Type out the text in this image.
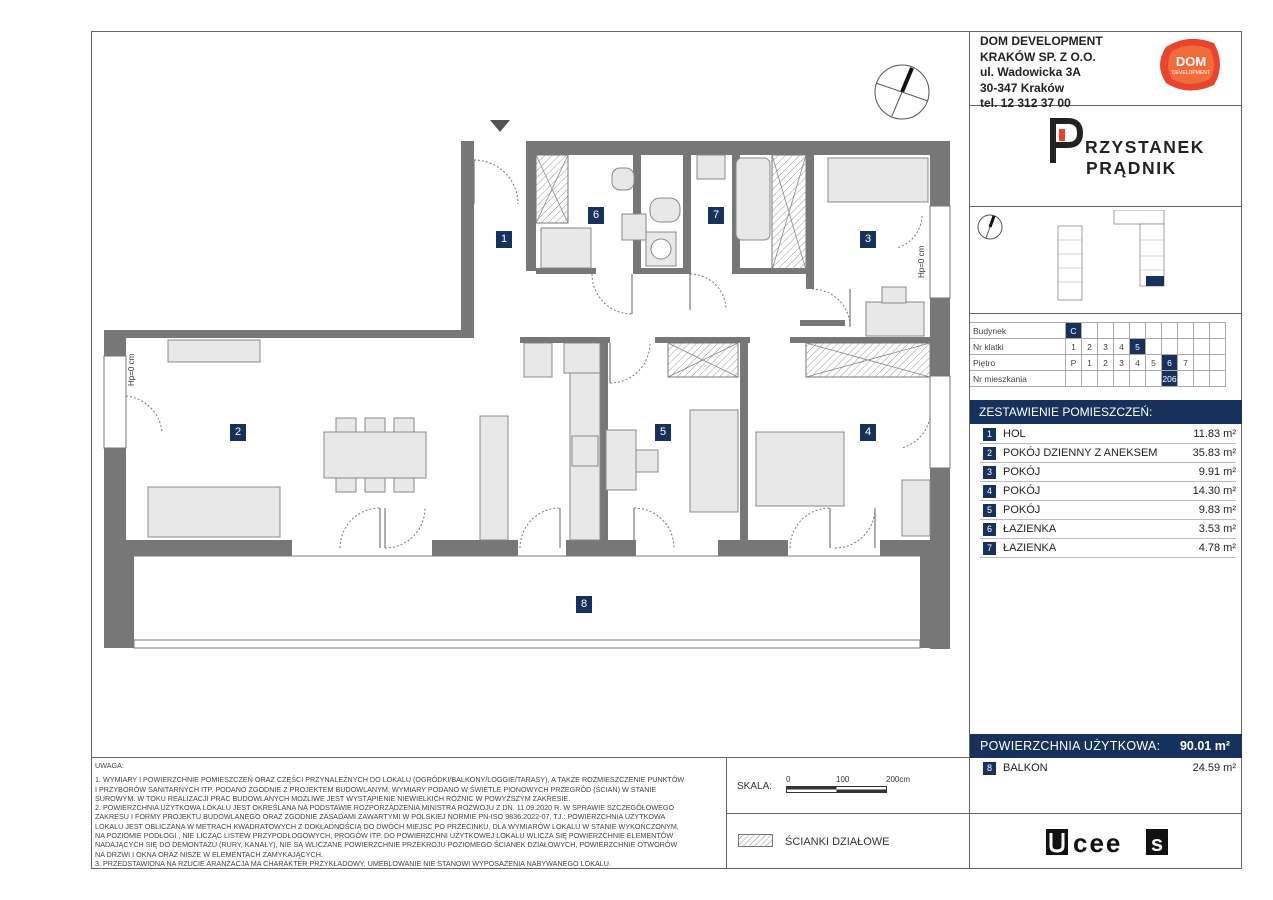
Hp=0 cm
Hp=0 cm
1
2
3
4
5
6	7
8
DOM DEVELOPMENT
KRAKÓW SP. Z O.O.
ul. Wadowicka 3A
30-347 Kraków
tel. 12 312 37 00
DOM
DEVELOPMENT
RZYSTANEK
PRĄDNIK
Budynek	C									
Nr klatki	1	2	3	4	5					
Piętro	P	1	2	3	4	5	6	7		
Nr mieszkania							206			
ZESTAWIENIE POMIESZCZEŃ:
1	HOL	11.83 m²
2	POKÓJ DZIENNY Z ANEKSEM	35.83 m²
3	POKÓJ	9.91 m²
4	POKÓJ	14.30 m²
5	POKÓJ	9.83 m²
6	ŁAZIENKA	3.53 m²
7	ŁAZIENKA	4.78 m²
POWIERZCHNIA UŻYTKOWA: 90.01 m²
8	BALKON	24.59 m²
UWAGA:
1. WYMIARY I POWIERZCHNIE POMIESZCZEŃ ORAZ CZĘŚCI PRZYNALEŻNYCH DO LOKALU (OGRÓDKI/BALKONY/LOGGIE/TARASY), A TAKŻE ROZMIESZCZENIE PUNKTÓW
I PRZYBORÓW SANITARNYCH ITP. PODANO ZGODNIE Z PROJEKTEM BUDOWLANYM. WYMIARY PODANO W ŚWIETLE PIONOWYCH PRZEGRÓD (ŚCIAN) W STANIE
SUROWYM. W TOKU REALIZACJI PRAC BUDOWLANYCH MOŻLIWE JEST WYSTĄPIENIE NIEWIELKICH RÓŻNIC W POWYŻSZYM ZAKRESIE.
2. POWIERZCHNIA UŻYTKOWA LOKALU JEST OKREŚLANA NA PODSTAWIE ROZPORZĄDZENIA MINISTRA ROZWOJU Z DN. 11.09.2020 R. W SPRAWIE SZCZEGÓŁOWEGO
ZAKRESU I FORMY PROJEKTU BUDOWLANEGO ORAZ ZGODNIE ZASADAMI ZAWARTYMI W POLSKIEJ NORMIE PN-ISO 9836:2022-07, TJ.: POWIERZCHNIA UŻYTKOWA
LOKALU JEST OBLICZANA W METRACH KWADRATOWYCH Z DOKŁADNOŚCIĄ DO DWÓCH MIEJSC PO PRZECINKU, DLA WYMIARÓW LOKALU W STANIE WYKOŃCZONYM,
NA POZIOMIE PODŁOGI , NIE LICZĄC LISTEW PRZYPODŁOGOWYCH, PROGÓW ITP. DO POWIERZCHNI UŻYTKOWEJ LOKALU WLICZA SIĘ POWIERZCHNIE ELEMENTÓW
NADAJĄCYCH SIĘ DO DEMONTAŻU (RURY, KANAŁY), NIE SĄ WLICZANE POWIERZCHNIE PRZEKROJU POZIOMEGO ŚCIANEK DZIAŁOWYCH, POWIERZCHNIE OTWORÓW
NA DRZWI I OKNA ORAZ NISZE W ELEMENTACH ZAMYKAJĄCYCH.
3. PRZEDSTAWIONA NA RZUCIE ARANŻACJA MA CHARAKTER PRZYKŁADOWY, UMEBLOWANIE NIE STANOWI WYPOSAŻENIA NABYWANEGO LOKALU.
SKALA:
0	100	200cm
ŚCIANKI DZIAŁOWE	cee s
